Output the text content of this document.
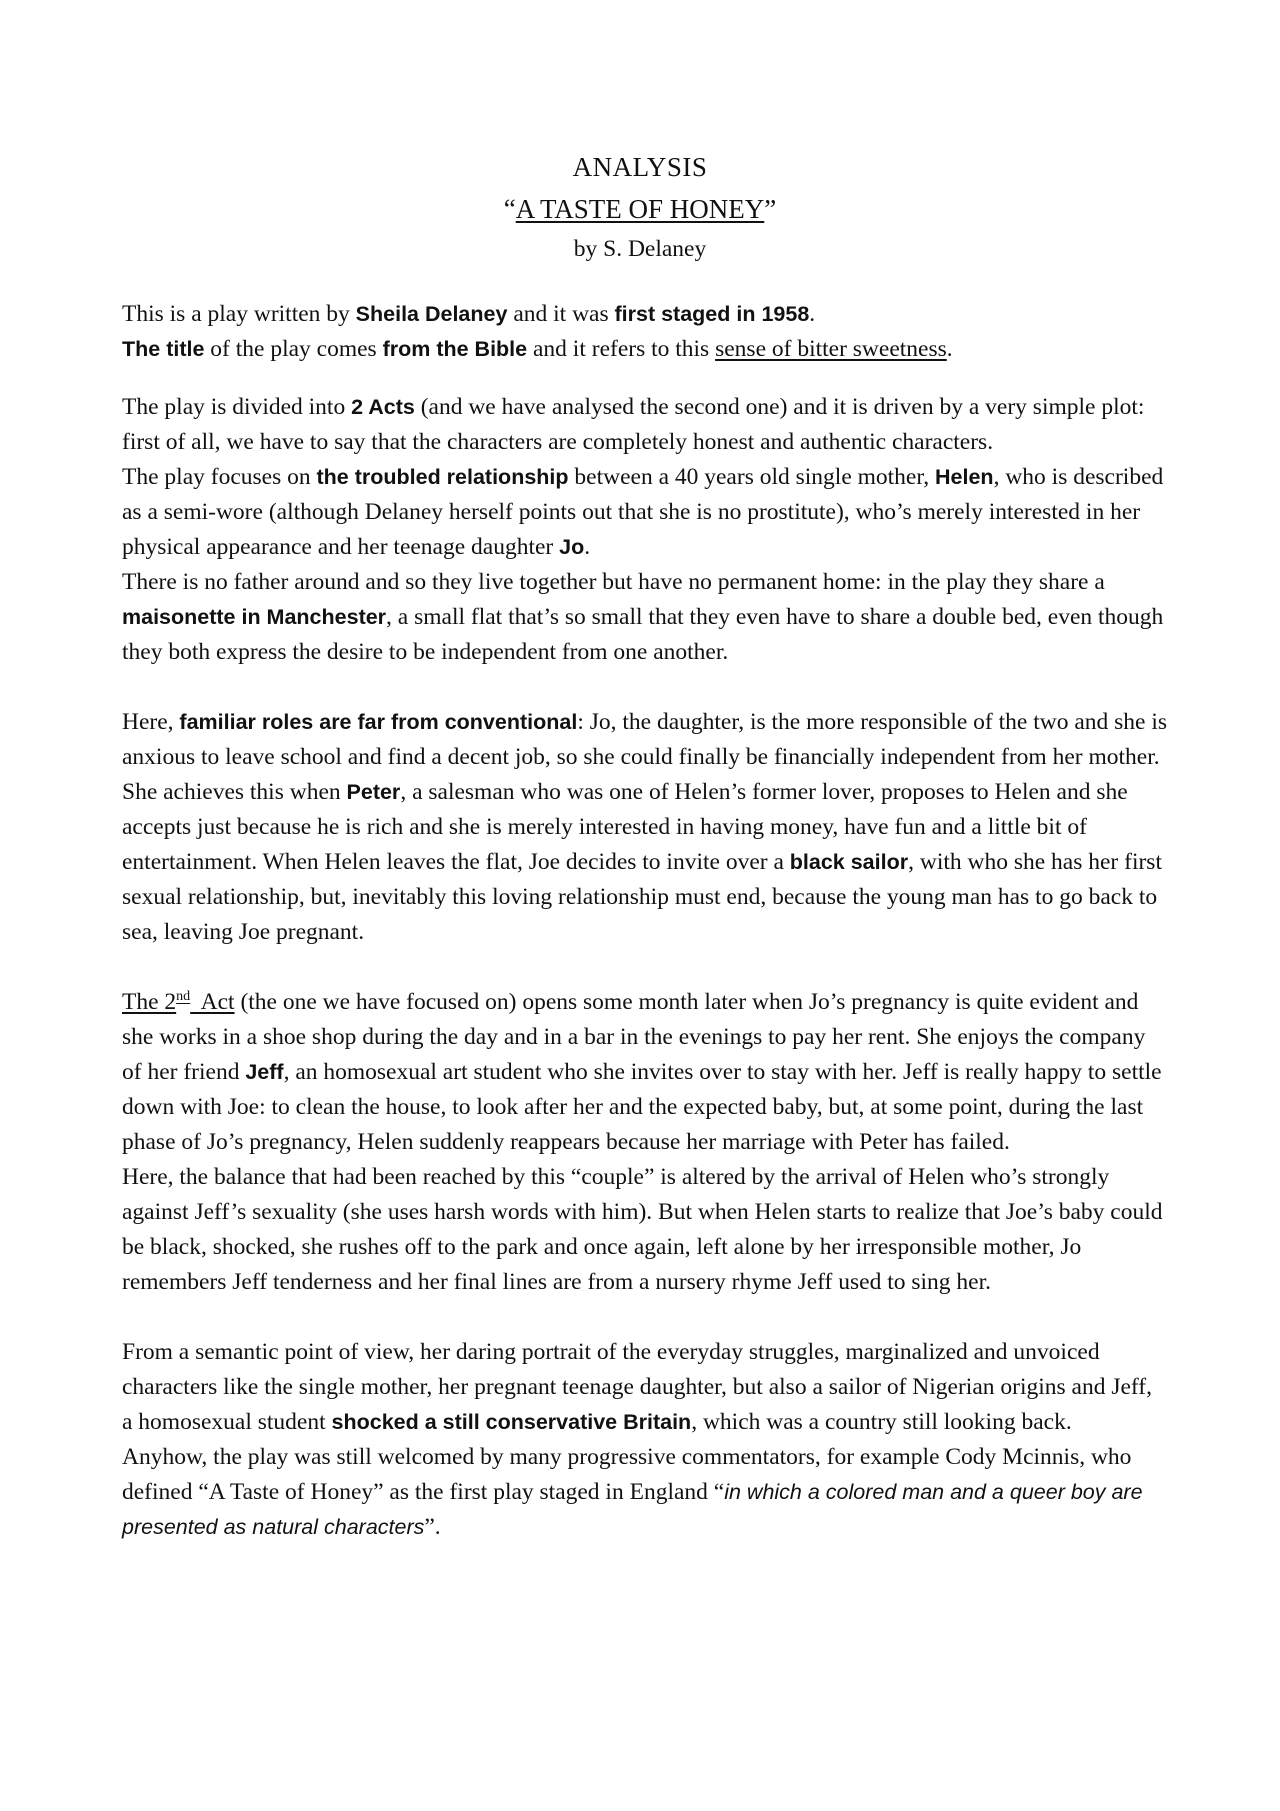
ANALYSIS
“A TASTE OF HONEY”
by S. Delaney

This is a play written by Sheila Delaney and it was first staged in 1958.

The title of the play comes from the Bible and it refers to this sense of bitter sweetness.

The play is divided into 2 Acts (and we have analysed the second one) and it is driven by a very simple plot: first of all, we have to say that the characters are completely honest and authentic characters.

The play focuses on the troubled relationship between a 40 years old single mother, Helen, who is described as a semi-wore (although Delaney herself points out that she is no prostitute), who’s merely interested in her physical appearance and her teenage daughter Jo.

There is no father around and so they live together but have no permanent home: in the play they share a maisonette in Manchester, a small flat that’s so small that they even have to share a double bed, even though they both express the desire to be independent from one another.

Here, familiar roles are far from conventional: Jo, the daughter, is the more responsible of the two and she is anxious to leave school and find a decent job, so she could finally be financially independent from her mother. She achieves this when Peter, a salesman who was one of Helen’s former lover, proposes to Helen and she accepts just because he is rich and she is merely interested in having money, have fun and a little bit of entertainment. When Helen leaves the flat, Joe decides to invite over a black sailor, with who she has her first sexual relationship, but, inevitably this loving relationship must end, because the young man has to go back to sea, leaving Joe pregnant.

The 2nd  Act (the one we have focused on) opens some month later when Jo’s pregnancy is quite evident and she works in a shoe shop during the day and in a bar in the evenings to pay her rent. She enjoys the company of her friend Jeff, an homosexual art student who she invites over to stay with her. Jeff is really happy to settle down with Joe: to clean the house, to look after her and the expected baby, but, at some point, during the last phase of Jo’s pregnancy, Helen suddenly reappears because her marriage with Peter has failed.

Here, the balance that had been reached by this “couple” is altered by the arrival of Helen who’s strongly against Jeff’s sexuality (she uses harsh words with him). But when Helen starts to realize that Joe’s baby could be black, shocked, she rushes off to the park and once again, left alone by her irresponsible mother, Jo remembers Jeff tenderness and her final lines are from a nursery rhyme Jeff used to sing her.

From a semantic point of view, her daring portrait of the everyday struggles, marginalized and unvoiced characters like the single mother, her pregnant teenage daughter, but also a sailor of Nigerian origins and Jeff, a homosexual student shocked a still conservative Britain, which was a country still looking back.

Anyhow, the play was still welcomed by many progressive commentators, for example Cody Mcinnis, who defined “A Taste of Honey” as the first play staged in England “in which a colored man and a queer boy are presented as natural characters”.
